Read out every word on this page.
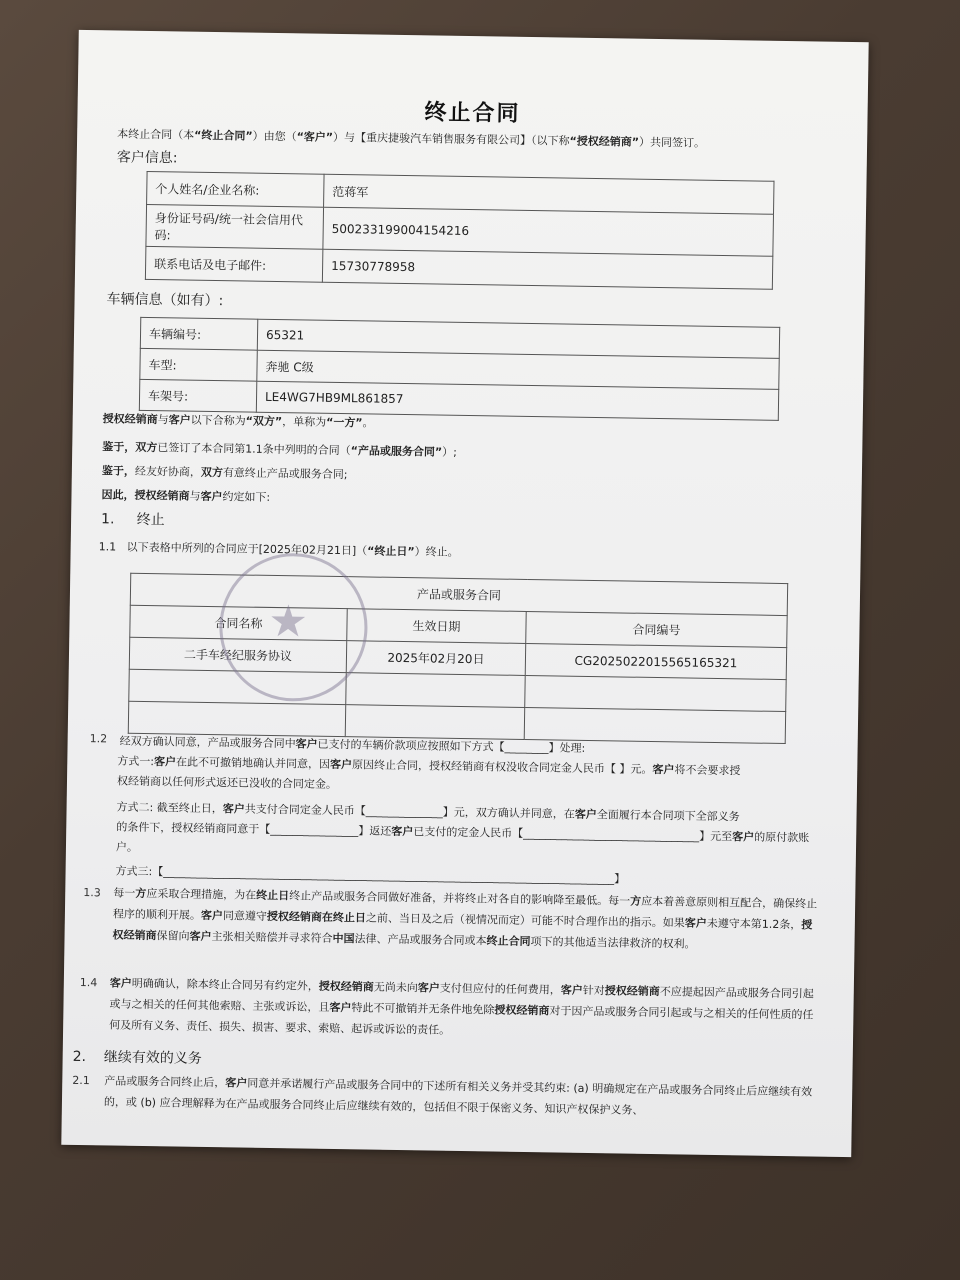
终止合同
本终止合同（本“终止合同”）由您（“客户”）与【重庆捷骏汽车销售服务有限公司】（以下称“授权经销商”）共同签订。
客户信息:
个人姓名/企业名称:	范蒋军
身份证号码/统一社会信用代码:	500233199004154216
联系电话及电子邮件:	15730778958
车辆信息（如有）:
车辆编号:	65321
车型:	奔驰 C级
车架号:	LE4WG7HB9ML861857
授权经销商与客户以下合称为“双方”，单称为“一方”。
鉴于，双方已签订了本合同第1.1条中列明的合同（“产品或服务合同”）;
鉴于，经友好协商，双方有意终止产品或服务合同;
因此，授权经销商与客户约定如下:
1. 终止
1.1 以下表格中所列的合同应于[2025年02月21日]（“终止日”）终止。
产品或服务合同		
合同名称	生效日期	合同编号
二手车经纪服务协议	2025年02月20日	CG2025022015565165321

★
1.2 经双方确认同意，产品或服务合同中客户已支付的车辆价款项应按照如下方式【________】处理:
方式一:客户在此不可撤销地确认并同意，因客户原因终止合同，授权经销商有权没收合同定金人民币【 】元。客户将不会要求授
权经销商以任何形式返还已没收的合同定金。
方式二: 截至终止日，客户共支付合同定金人民币【______________】元，双方确认并同意，在客户全面履行本合同项下全部义务
的条件下，授权经销商同意于【________________】返还客户已支付的定金人民币【________________________________】元至客户的原付款账
户。
方式三:【__________________________________________________________________________________】
1.3 每一方应采取合理措施，为在终止日终止产品或服务合同做好准备，并将终止对各自的影响降至最低。每一方应本着善意原则相互配合，确保终止程序的顺利开展。客户同意遵守授权经销商在终止日之前、当日及之后（视情况而定）可能不时合理作出的指示。如果客户未遵守本第1.2条，授权经销商保留向客户主张相关赔偿并寻求符合中国法律、产品或服务合同或本终止合同项下的其他适当法律救济的权利。
1.4 客户明确确认，除本终止合同另有约定外，授权经销商无尚未向客户支付但应付的任何费用，客户针对授权经销商不应提起因产品或服务合同引起或与之相关的任何其他索赔、主张或诉讼，且客户特此不可撤销并无条件地免除授权经销商对于因产品或服务合同引起或与之相关的任何性质的任何及所有义务、责任、损失、损害、要求、索赔、起诉或诉讼的责任。
2. 继续有效的义务
2.1 产品或服务合同终止后，客户同意并承诺履行产品或服务合同中的下述所有相关义务并受其约束: (a) 明确规定在产品或服务合同终止后应继续有效的，或 (b) 应合理解释为在产品或服务合同终止后应继续有效的，包括但不限于保密义务、知识产权保护义务、
